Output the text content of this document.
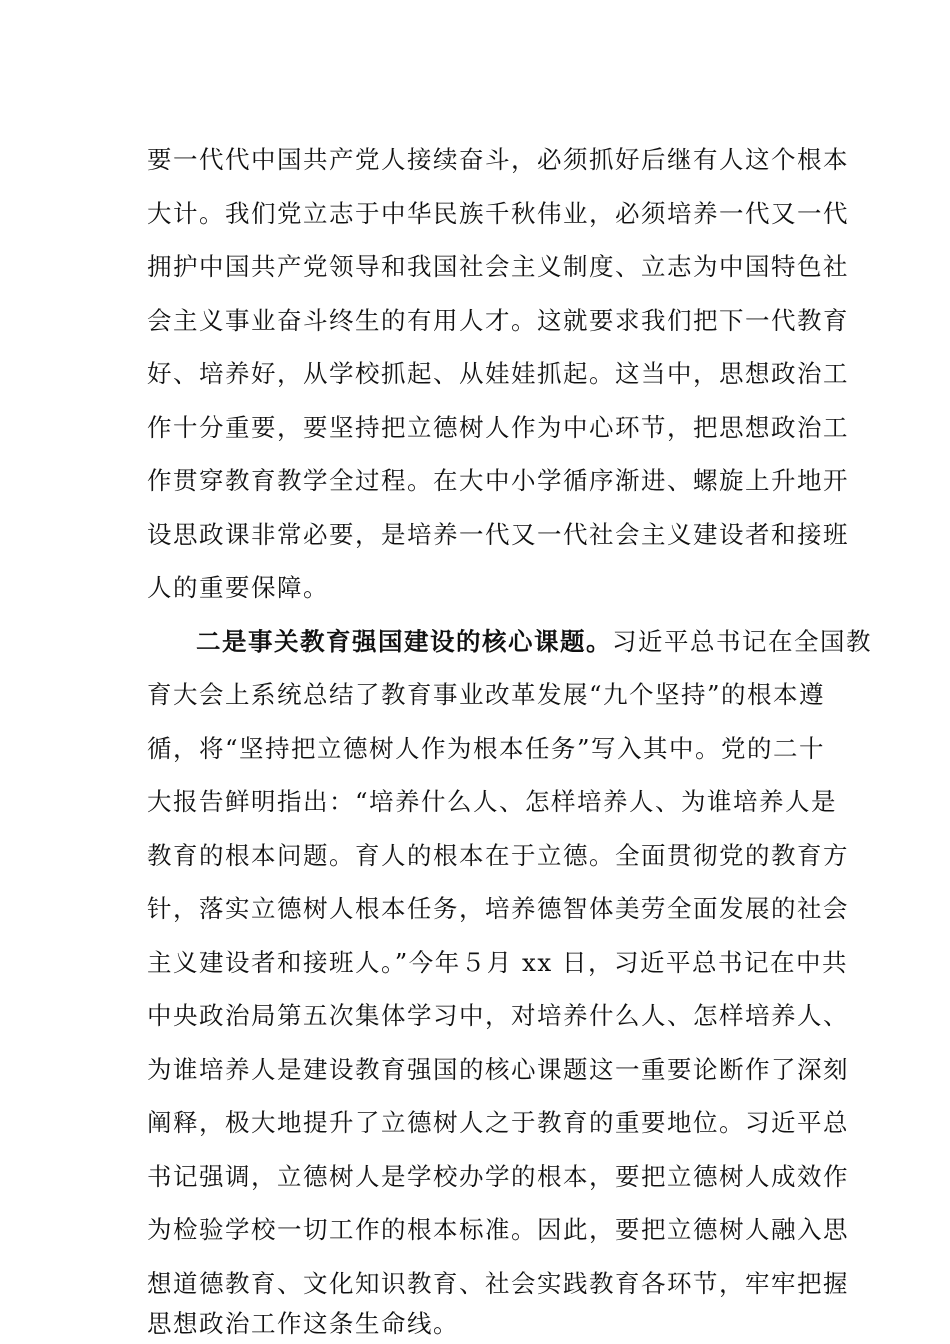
要一代代中国共产党人接续奋斗，必须抓好后继有人这个根本
大计。我们党立志于中华民族千秋伟业，必须培养一代又一代
拥护中国共产党领导和我国社会主义制度、立志为中国特色社
会主义事业奋斗终生的有用人才。这就要求我们把下一代教育
好、培养好，从学校抓起、从娃娃抓起。这当中，思想政治工
作十分重要，要坚持把立德树人作为中心环节，把思想政治工
作贯穿教育教学全过程。在大中小学循序渐进、螺旋上升地开
设思政课非常必要，是培养一代又一代社会主义建设者和接班
人的重要保障。
二是事关教育强国建设的核心课题。习近平总书记在全国教
育大会上系统总结了教育事业改革发展“九个坚持”的根本遵
循，将“坚持把立德树人作为根本任务”写入其中。党的二十
大报告鲜明指出：“培养什么人、怎样培养人、为谁培养人是
教育的根本问题。育人的根本在于立德。全面贯彻党的教育方
针，落实立德树人根本任务，培养德智体美劳全面发展的社会
主义建设者和接班人。”今年５月 xx 日，习近平总书记在中共
中央政治局第五次集体学习中，对培养什么人、怎样培养人、
为谁培养人是建设教育强国的核心课题这一重要论断作了深刻
阐释，极大地提升了立德树人之于教育的重要地位。习近平总
书记强调，立德树人是学校办学的根本，要把立德树人成效作
为检验学校一切工作的根本标准。因此，要把立德树人融入思
想道德教育、文化知识教育、社会实践教育各环节，牢牢把握
思想政治工作这条生命线。
